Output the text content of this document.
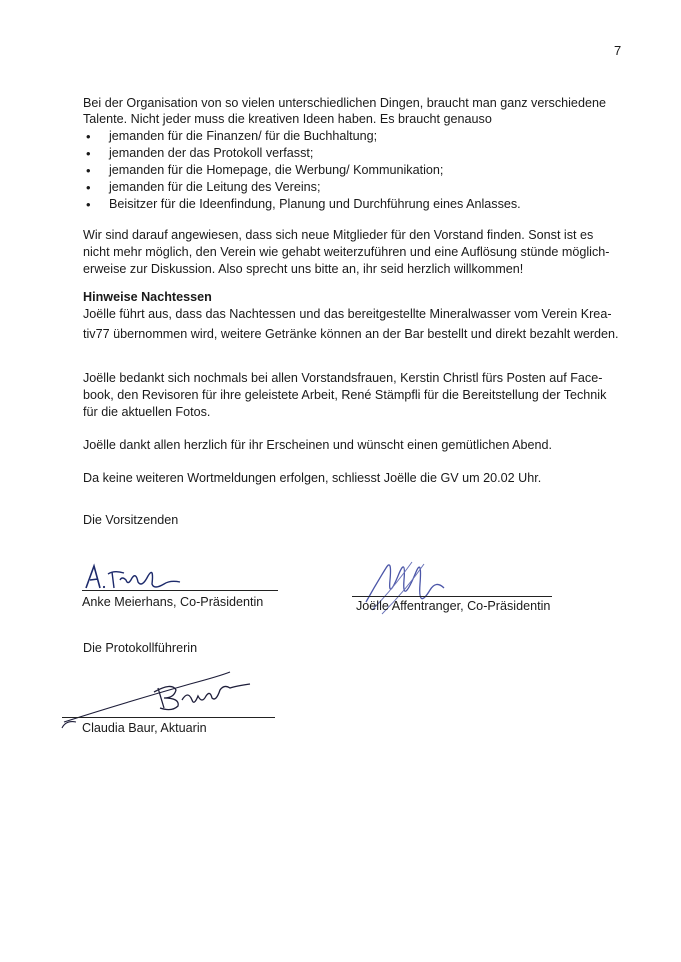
7
Bei der Organisation von so vielen unterschiedlichen Dingen, braucht man ganz verschiedene
Talente. Nicht jeder muss die kreativen Ideen haben. Es braucht genauso
• jemanden für die Finanzen/ für die Buchhaltung;
• jemanden der das Protokoll verfasst;
• jemanden für die Homepage, die Werbung/ Kommunikation;
• jemanden für die Leitung des Vereins;
• Beisitzer für die Ideenfindung, Planung und Durchführung eines Anlasses.
Wir sind darauf angewiesen, dass sich neue Mitglieder für den Vorstand finden. Sonst ist es
nicht mehr möglich, den Verein wie gehabt weiterzuführen und eine Auflösung stünde möglich-
erweise zur Diskussion. Also sprecht uns bitte an, ihr seid herzlich willkommen!
Hinweise Nachtessen
Joëlle führt aus, dass das Nachtessen und das bereitgestellte Mineralwasser vom Verein Krea-
tiv77 übernommen wird, weitere Getränke können an der Bar bestellt und direkt bezahlt werden.
Joëlle bedankt sich nochmals bei allen Vorstandsfrauen, Kerstin Christl fürs Posten auf Face-
book, den Revisoren für ihre geleistete Arbeit, René Stämpfli für die Bereitstellung der Technik
für die aktuellen Fotos.
Joëlle dankt allen herzlich für ihr Erscheinen und wünscht einen gemütlichen Abend.
Da keine weiteren Wortmeldungen erfolgen, schliesst Joëlle die GV um 20.02 Uhr.
Die Vorsitzenden
Anke Meierhans, Co-Präsidentin	Joëlle Affentranger, Co-Präsidentin
Die Protokollführerin
Claudia Baur, Aktuarin
